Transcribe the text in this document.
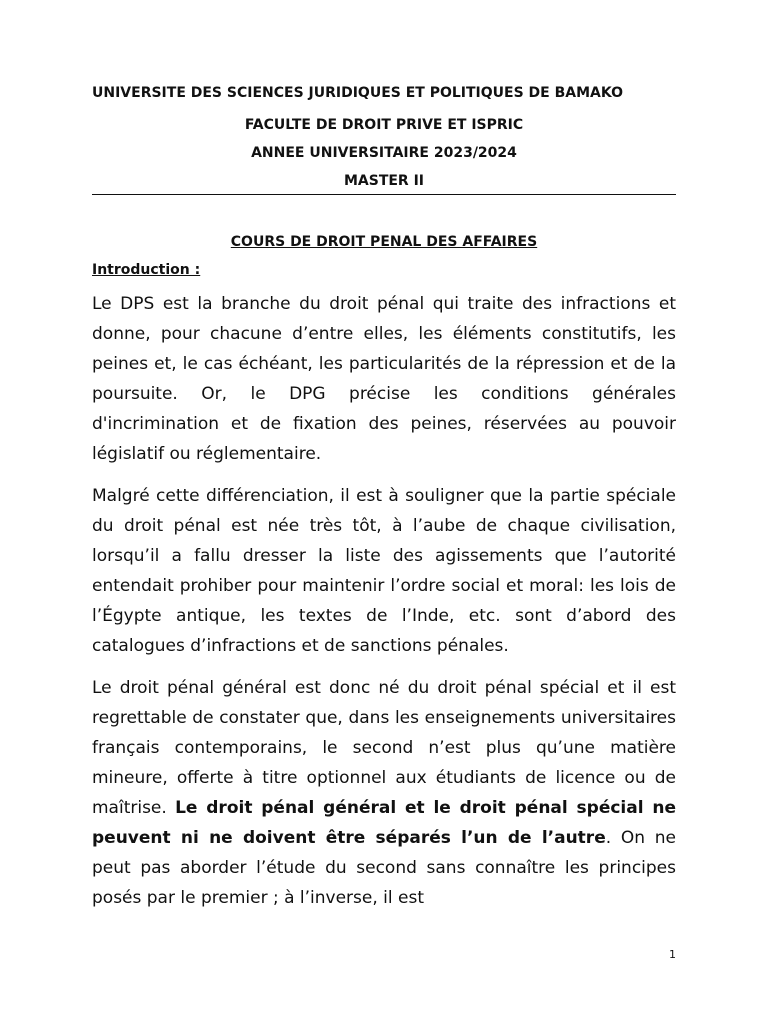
UNIVERSITE DES SCIENCES JURIDIQUES ET POLITIQUES DE BAMAKO

FACULTE DE DROIT PRIVE ET ISPRIC

ANNEE UNIVERSITAIRE 2023/2024

MASTER II

COURS DE DROIT PENAL DES AFFAIRES

Introduction :

Le DPS est la branche du droit pénal qui traite des infractions et donne, pour chacune d’entre elles, les éléments constitutifs, les peines et, le cas échéant, les particularités de la répression et de la poursuite. Or, le DPG précise les conditions générales d'incrimination et de fixation des peines, réservées au pouvoir législatif ou réglementaire.

Malgré cette différenciation, il est à souligner que la partie spéciale du droit pénal est née très tôt, à l’aube de chaque civilisation, lorsqu’il a fallu dresser la liste des agissements que l’autorité entendait prohiber pour maintenir l’ordre social et moral: les lois de l’Égypte antique, les textes de l’Inde, etc. sont d’abord des catalogues d’infractions et de sanctions pénales.

Le droit pénal général est donc né du droit pénal spécial et il est regrettable de constater que, dans les enseignements universitaires français contemporains, le second n’est plus qu’une matière mineure, offerte à titre optionnel aux étudiants de licence ou de maîtrise. Le droit pénal général et le droit pénal spécial ne peuvent ni ne doivent être séparés l’un de l’autre. On ne peut pas aborder l’étude du second sans connaître les principes posés par le premier ; à l’inverse, il est

1
